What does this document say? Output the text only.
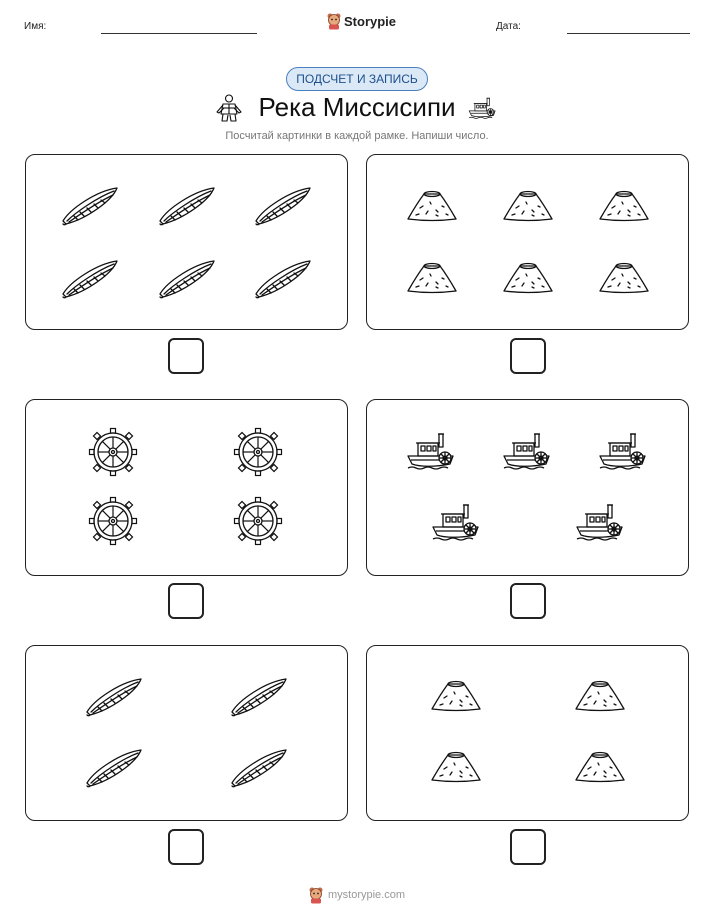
Имя:	Storypie	Дата:
ПОДСЧЕТ И ЗАПИСЬ
Река Миссисипи
Посчитай картинки в каждой рамке. Напиши число.
mystorypie.com
